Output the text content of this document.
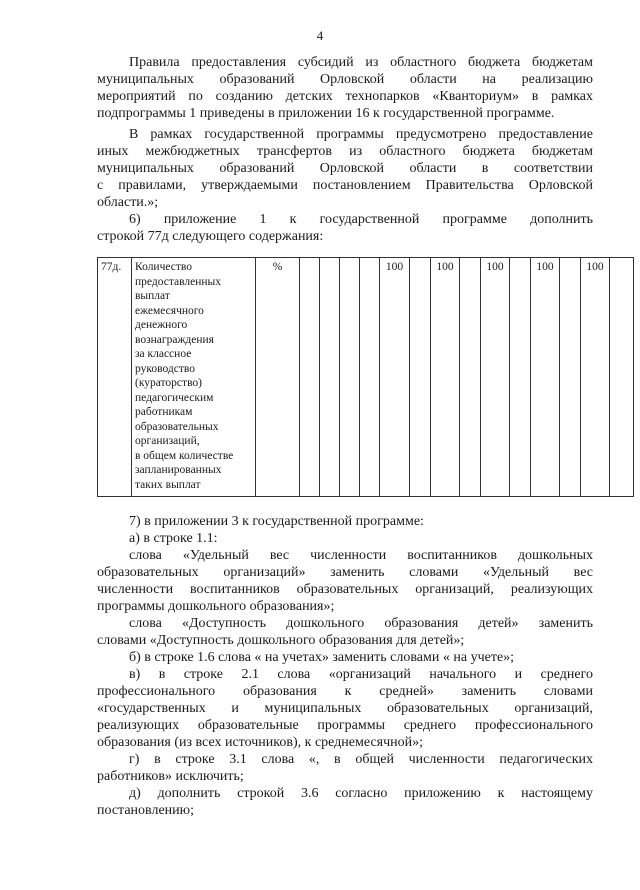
4

Правила предоставления субсидий из областного бюджета бюджетам

муниципальных образований Орловской области на реализацию

мероприятий по созданию детских технопарков «Кванториум» в рамках

подпрограммы 1 приведены в приложении 16 к государственной программе.

В рамках государственной программы предусмотрено предоставление

иных межбюджетных трансфертов из областного бюджета бюджетам

муниципальных образований Орловской области в соответствии

с правилами, утверждаемыми постановлением Правительства Орловской

области.»;

6) приложение 1 к государственной программе дополнить

строкой 77д следующего содержания:

77д.	Количество
предоставленных
выплат
ежемесячного
денежного
вознаграждения
за классное
руководство
(кураторство)
педагогическим
работникам
образовательных
организаций,
в общем количестве
запланированных
таких выплат
	%					100		100		100		100		100	

7) в приложении 3 к государственной программе:

а) в строке 1.1:

слова «Удельный вес численности воспитанников дошкольных

образовательных организаций» заменить словами «Удельный вес

численности воспитанников образовательных организаций, реализующих

программы дошкольного образования»;

слова «Доступность дошкольного образования детей» заменить

словами «Доступность дошкольного образования для детей»;

б) в строке 1.6 слова « на учетах» заменить словами « на учете»;

в) в строке 2.1 слова «организаций начального и среднего

профессионального образования к средней» заменить словами

«государственных и муниципальных образовательных организаций,

реализующих образовательные программы среднего профессионального

образования (из всех источников), к среднемесячной»;

г) в строке 3.1 слова «, в общей численности педагогических

работников» исключить;

д) дополнить строкой 3.6 согласно приложению к настоящему

постановлению;
